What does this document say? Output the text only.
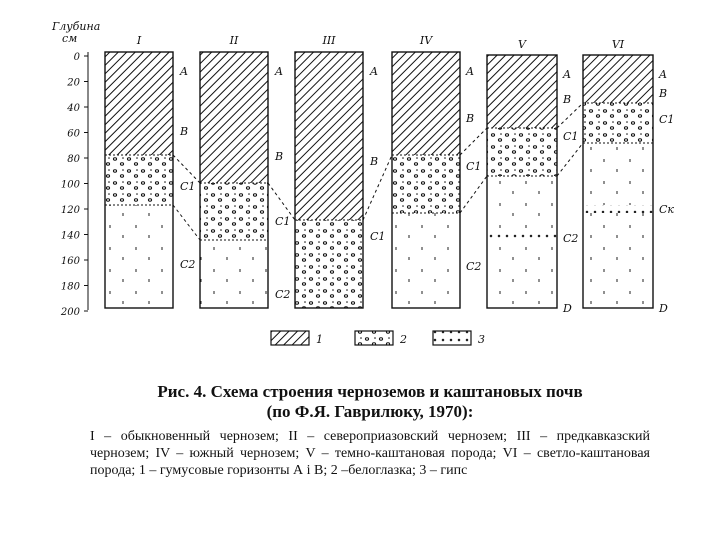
Глубина
см
0
20
40
60
80
100
120
140
160
180
200
I
A
B
C1
C2
II
A
B
C1
C2
III
A
B
C1
IV
A
B
C1
C2
V
A
B
C1
C2
D
VI
A
B
C1
Cк
D
1	2	3
Рис. 4. Схема строения черноземов и каштановых почв
(по Ф.Я. Гаврилюку, 1970):
I – обыкновенный чернозем; II – североприазовский чернозем; III – предкавказский чернозем; IV – южный чернозем; V – темно-каштановая порода; VI – светло-каштановая порода; 1 – гумусовые горизонты А і В; 2 –белоглазка; 3 – гипс
